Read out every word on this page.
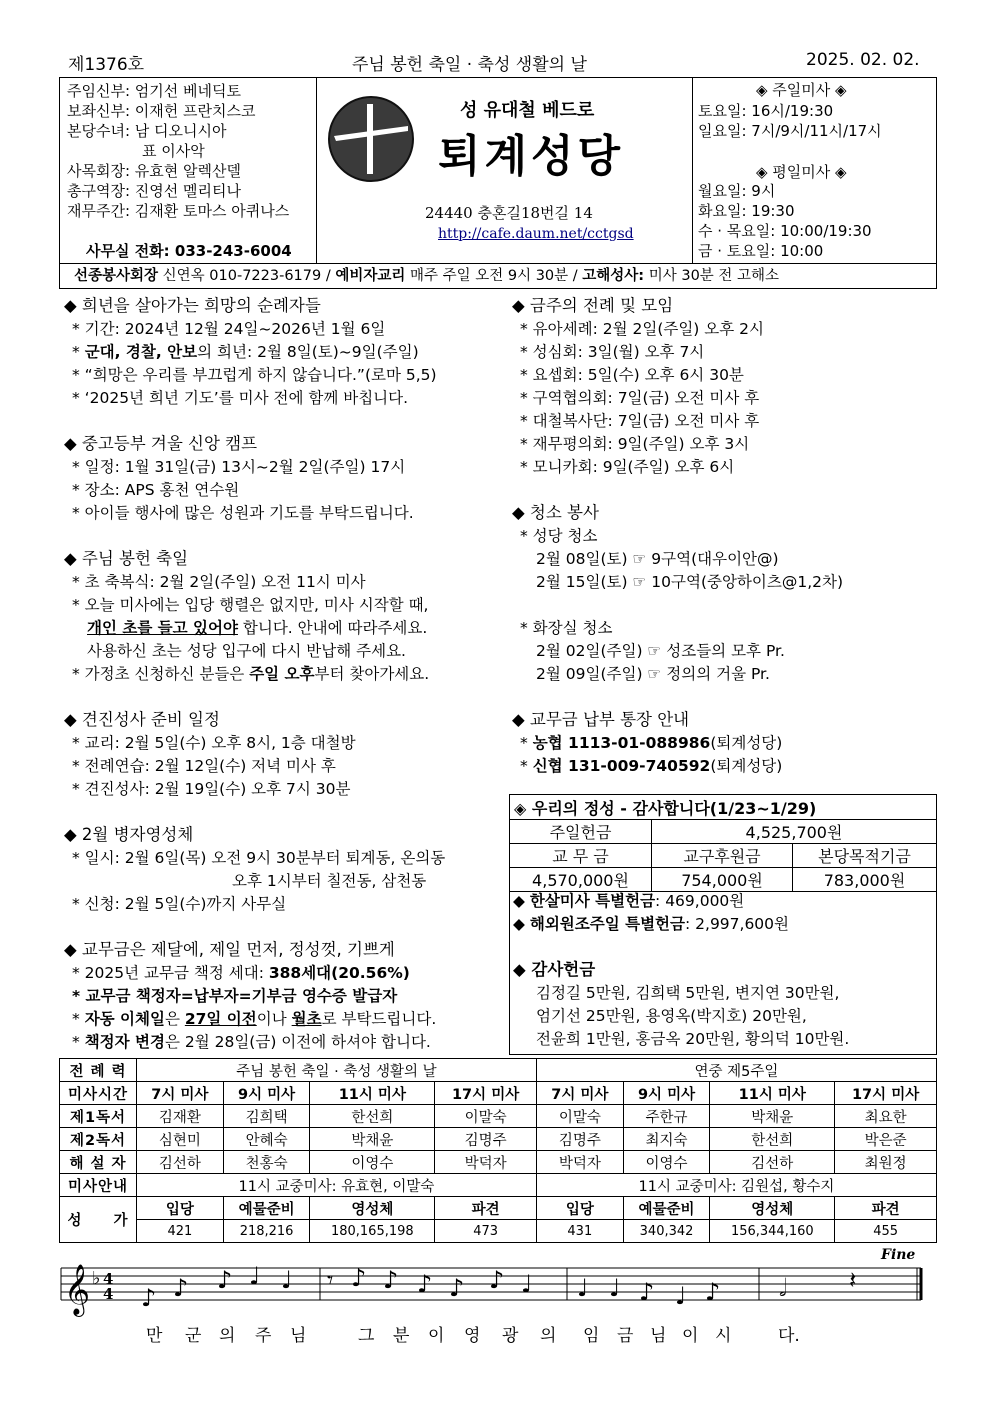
제1376호	주님 봉헌 축일 · 축성 생활의 날	2025. 02. 02.
주임신부: 엄기선 베네딕토
보좌신부: 이재헌 프란치스코
본당수녀: 남 디오니시아
　　　　　표 이사악
사목회장: 유효현 알렉산델
총구역장: 진영선 멜리티나
재무주간: 김재환 토마스 아퀴나스
사무실 전화: 033-243-6004
성 유대철 베드로
퇴계성당
24440 충혼길18번길 14
http://cafe.daum.net/cctgsd
◈ 주일미사 ◈
토요일: 16시/19:30
일요일: 7시/9시/11시/17시
◈ 평일미사 ◈
월요일: 9시
화요일: 19:30
수 · 목요일: 10:00/19:30
금 · 토요일: 10:00
선종봉사회장 신연옥 010-7223-6179 / 예비자교리 매주 주일 오전 9시 30분 / 고해성사: 미사 30분 전 고해소
◆ 희년을 살아가는 희망의 순례자들
* 기간: 2024년 12월 24일~2026년 1월 6일
* 군대, 경찰, 안보의 희년: 2월 8일(토)~9일(주일)
* “희망은 우리를 부끄럽게 하지 않습니다.”(로마 5,5)
* ‘2025년 희년 기도’를 미사 전에 함께 바칩니다.
◆ 중고등부 겨울 신앙 캠프
* 일정: 1월 31일(금) 13시~2월 2일(주일) 17시
* 장소: APS 홍천 연수원
* 아이들 행사에 많은 성원과 기도를 부탁드립니다.
◆ 주님 봉헌 축일
* 초 축복식: 2월 2일(주일) 오전 11시 미사
* 오늘 미사에는 입당 행렬은 없지만, 미사 시작할 때,
개인 초를 들고 있어야 합니다. 안내에 따라주세요.
사용하신 초는 성당 입구에 다시 반납해 주세요.
* 가정초 신청하신 분들은 주일 오후부터 찾아가세요.
◆ 견진성사 준비 일정
* 교리: 2월 5일(수) 오후 8시, 1층 대철방
* 전례연습: 2월 12일(수) 저녁 미사 후
* 견진성사: 2월 19일(수) 오후 7시 30분
◆ 2월 병자영성체
* 일시: 2월 6일(목) 오전 9시 30분부터 퇴계동, 온의동
오후 1시부터 칠전동, 삼천동
* 신청: 2월 5일(수)까지 사무실
◆ 교무금은 제달에, 제일 먼저, 정성껏, 기쁘게
* 2025년 교무금 책정 세대: 388세대(20.56%)
* 교무금 책정자=납부자=기부금 영수증 발급자
* 자동 이체일은 27일 이전이나 월초로 부탁드립니다.
* 책정자 변경은 2월 28일(금) 이전에 하셔야 합니다.
◆ 금주의 전례 및 모임
* 유아세례: 2월 2일(주일) 오후 2시
* 성심회: 3일(월) 오후 7시
* 요셉회: 5일(수) 오후 6시 30분
* 구역협의회: 7일(금) 오전 미사 후
* 대철복사단: 7일(금) 오전 미사 후
* 재무평의회: 9일(주일) 오후 3시
* 모니카회: 9일(주일) 오후 6시
◆ 청소 봉사
* 성당 청소
2월 08일(토) ☞ 9구역(대우이안@)
2월 15일(토) ☞ 10구역(중앙하이츠@1,2차)
* 화장실 청소
2월 02일(주일) ☞ 성조들의 모후 Pr.
2월 09일(주일) ☞ 정의의 거울 Pr.
◆ 교무금 납부 통장 안내
* 농협 1113-01-088986(퇴계성당)
* 신협 131-009-740592(퇴계성당)
◈ 우리의 정성 - 감사합니다(1/23~1/29)
주일헌금	4,525,700원	
교 무 금	교구후원금	본당목적기금
4,570,000원	754,000원	783,000원
◆ 한살미사 특별헌금: 469,000원
◆ 해외원조주일 특별헌금: 2,997,600원
◆ 감사헌금
김정길 5만원, 김희택 5만원, 변지연 30만원,
엄기선 25만원, 용영옥(박지호) 20만원,
전윤희 1만원, 홍금옥 20만원, 황의덕 10만원.
전 례 력	주님 봉헌 축일 · 축성 생활의 날				연중 제5주일			
미사시간	7시 미사	9시 미사	11시 미사	17시 미사	7시 미사	9시 미사	11시 미사	17시 미사
제1독서	김재환	김희택	한선희	이말숙	이말숙	주한규	박채윤	최요한
제2독서	심현미	안혜숙	박채윤	김명주	김명주	최지숙	한선희	박은준
해 설 자	김선하	천홍숙	이영수	박덕자	박덕자	이영수	김선하	최원정
미사안내	11시 교중미사: 유효현, 이말숙				11시 교중미사: 김원섭, 황수지			
성　　가	입당	예물준비	영성체	파견	입당	예물준비	영성체	파견
	421	218,216	180,165,198	473	431	340,342	156,344,160	455
𝄞 ♭ 4
4 ♪ ♪ ♪ ♩ ♩ 𝄾 ♪ ♪ ♪ ♪ ♪ ♩ ♩ ♩ ♪ ♩ ♪ 𝅗𝅥	𝄽
Fine
만 군 의 주 님	그 분 이 영 광 의 임 금 님 이 시	다.
